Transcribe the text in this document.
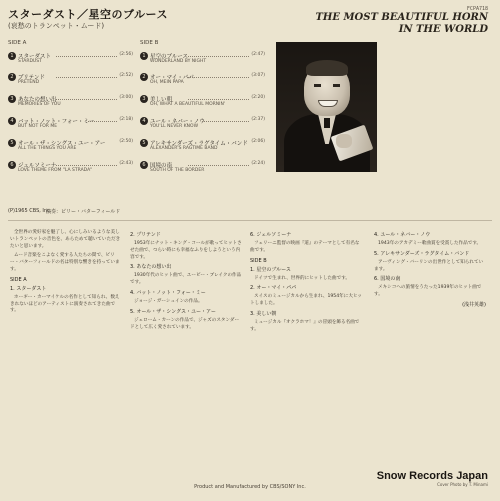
スターダスト／星空のブルース
(哀愁のトランペット・ムード)
FCPA718
THE MOST BEAUTIFUL HORN
IN THE WORLD
SIDE A	SIDE B
1 スターダスト	(2:56)
STARDUST
2 プリテンド	(2:52)
PRETEND
3 あなたの想い出	(3:00)
MEMORIES OF YOU
4 バット・ノット・フォー・ミー	(2:18)
BUT NOT FOR ME
5 オール・ザ・シングス・ユー・アー	(2:50)
ALL THE THINGS YOU ARE
6 ジェルソミーナ	(2:43)
LOVE THEME FROM "LA STRADA"
1 星空のブルース	(2:47)
WONDERLAND BY NIGHT
2 オー・マイ・パパ	(3:07)
OH, MEIN PAPA
3 美しい朝	(2:20)
OH, WHAT A BEAUTIFUL MORNIN'
4 ユール・ネバー・ノウ	(2:37)
YOU'LL NEVER KNOW
5 アレキサンダーズ・ラグタイム・バンド (2:06)
ALEXANDER'S RAGTIME BAND
6 国境の南	(2:24)
SOUTH OF THE BORDER
(P)1965 CBS, Inc.
演奏：ビリー・バターフィールド

全世界の愛好家を魅了し、心にしみいるような美しいトランペットの音色を、あらためて聴いていただきたいと思います。

ムード音楽をこよなく愛する人たちの間で、ビリー・バターフィールドの名は特別な響きを持っています。

SIDE A

1. スターダスト

ホーギー・カーマイケルの名作として知られ、数えきれないほどのアーティストに演奏されてきた曲です。

2. プリテンド

1953年にナット・キング・コールが歌ってヒットさせた曲で、つらい時にも幸福なふりをしようという内容です。

3. あなたの想い出

1930年代のヒット曲で、ユービー・ブレイクの作品です。

4. バット・ノット・フォー・ミー

ジョージ・ガーシュインの作品。

5. オール・ザ・シングス・ユー・アー

ジェローム・カーンの作品で、ジャズのスタンダードとして広く愛されています。

6. ジェルソミーナ

フェリーニ監督の映画『道』のテーマとして有名な曲です。

SIDE B

1. 星空のブルース

ドイツで生まれ、世界的にヒットした曲です。

2. オー・マイ・パパ

スイスのミュージカルから生まれ、1954年に大ヒットしました。

3. 美しい朝

ミュージカル『オクラホマ！』の冒頭を飾る名曲です。

4. ユール・ネバー・ノウ

1943年のアカデミー歌曲賞を受賞した作品です。

5. アレキサンダーズ・ラグタイム・バンド

アーヴィング・バーリンの出世作として知られています。

6. 国境の南

メキシコへの旅情をうたった1939年のヒット曲です。

(浅井英雄)

Product and Manufactured by CBS/SONY Inc.
Snow Records Japan
Cover Photo by T. Minami
